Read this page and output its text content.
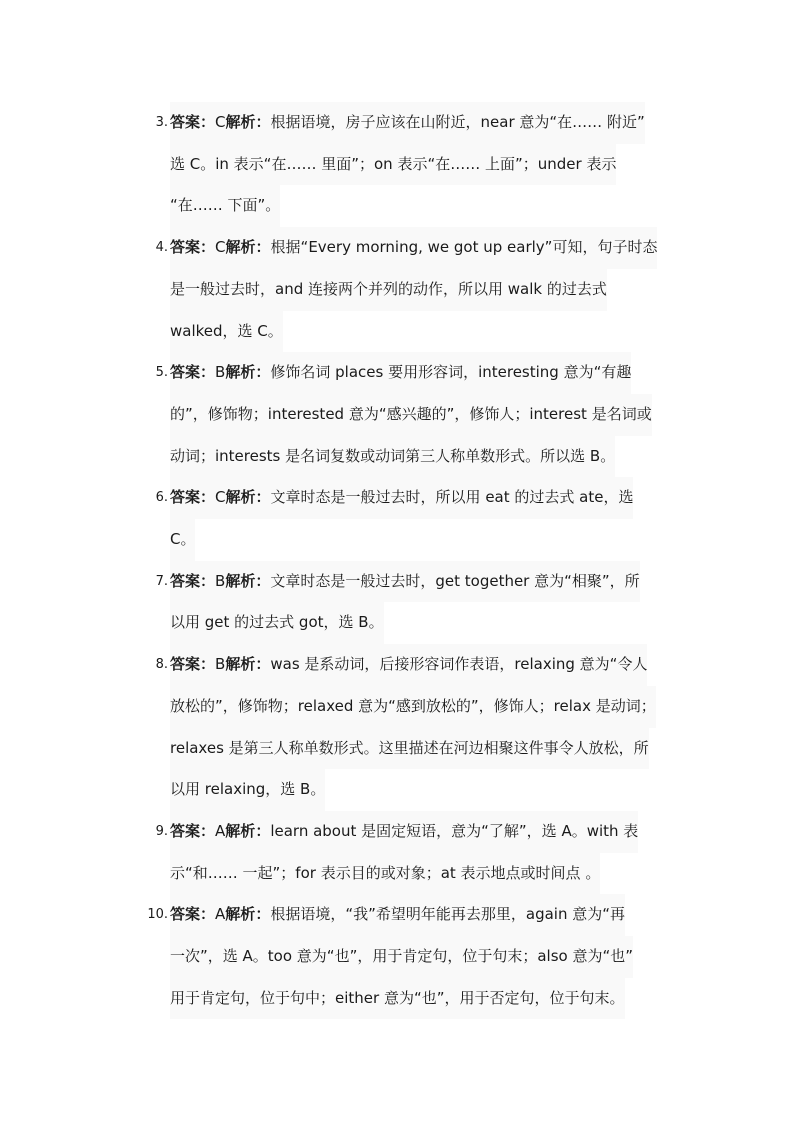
3. 答案：C解析：根据语境，房子应该在山附近，near 意为“在…… 附近”
选 C。in 表示“在…… 里面”；on 表示“在…… 上面”；under 表示
“在…… 下面”。
4. 答案：C解析：根据“Every morning, we got up early”可知，句子时态
是一般过去时，and 连接两个并列的动作，所以用 walk 的过去式
walked，选 C。
5. 答案：B解析：修饰名词 places 要用形容词，interesting 意为“有趣
的”，修饰物；interested 意为“感兴趣的”，修饰人；interest 是名词或
动词；interests 是名词复数或动词第三人称单数形式。所以选 B。
6. 答案：C解析：文章时态是一般过去时，所以用 eat 的过去式 ate，选
C。
7. 答案：B解析：文章时态是一般过去时，get together 意为“相聚”，所
以用 get 的过去式 got，选 B。
8. 答案：B解析：was 是系动词，后接形容词作表语，relaxing 意为“令人
放松的”，修饰物；relaxed 意为“感到放松的”，修饰人；relax 是动词；
relaxes 是第三人称单数形式。这里描述在河边相聚这件事令人放松，所
以用 relaxing，选 B。
9. 答案：A解析：learn about 是固定短语，意为“了解”，选 A。with 表
示“和…… 一起”；for 表示目的或对象；at 表示地点或时间点 。
10. 答案：A解析：根据语境，“我”希望明年能再去那里，again 意为“再
一次”，选 A。too 意为“也”，用于肯定句，位于句末；also 意为“也”
用于肯定句，位于句中；either 意为“也”，用于否定句，位于句末。
